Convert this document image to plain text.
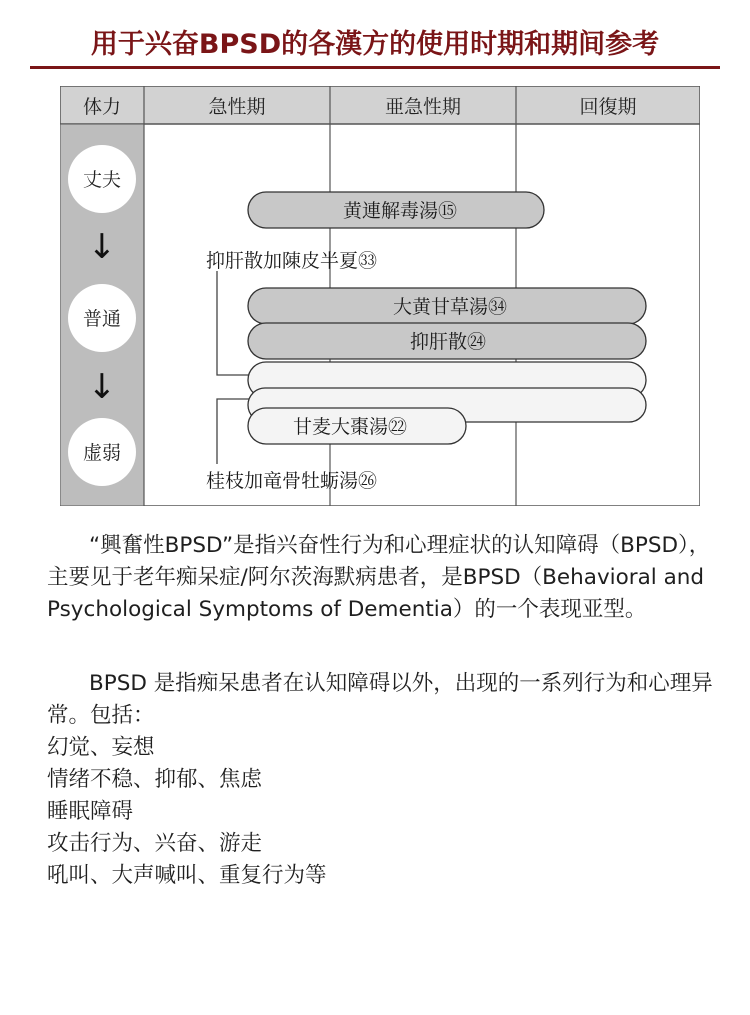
用于兴奋BPSD的各漢方的使用时期和期间参考
体力	急性期	亜急性期	回復期
丈夫
↓
普通
↓
虚弱
黄連解毒湯⑮
抑肝散加陳皮半夏㉝
大黄甘草湯㉞
抑肝散㉔
甘麦大棗湯㉒
桂枝加竜骨牡蛎湯㉖

“興奮性BPSD”是指兴奋性行为和心理症状的认知障碍（BPSD），主要见于老年痴呆症/阿尔茨海默病患者，是BPSD（Behavioral and Psychological Symptoms of Dementia）的一个表现亚型。

BPSD 是指痴呆患者在认知障碍以外，出现的一系列行为和心理异常。包括：

幻觉、妄想

情绪不稳、抑郁、焦虑

睡眠障碍

攻击行为、兴奋、游走

吼叫、大声喊叫、重复行为等
